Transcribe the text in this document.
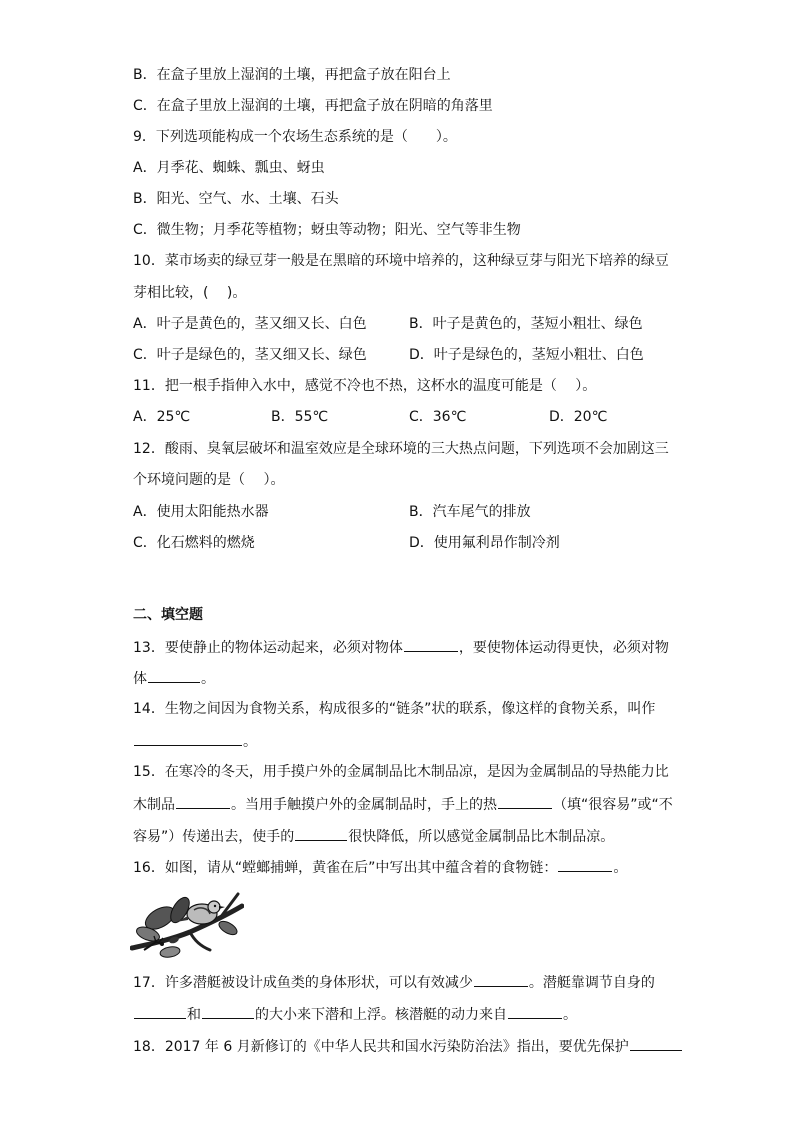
B．在盒子里放上湿润的土壤，再把盒子放在阳台上
C．在盒子里放上湿润的土壤，再把盒子放在阴暗的角落里
9．下列选项能构成一个农场生态系统的是（　　）。
A．月季花、蜘蛛、瓢虫、蚜虫
B．阳光、空气、水、土壤、石头
C．微生物；月季花等植物；蚜虫等动物；阳光、空气等非生物
10．菜市场卖的绿豆芽一般是在黑暗的环境中培养的，这种绿豆芽与阳光下培养的绿豆
芽相比较，(　 )。
A．叶子是黄色的，茎又细又长、白色	B．叶子是黄色的，茎短小粗壮、绿色
C．叶子是绿色的，茎又细又长、绿色	D．叶子是绿色的，茎短小粗壮、白色
11．把一根手指伸入水中，感觉不冷也不热，这杯水的温度可能是（　 ）。
A．25℃	B．55℃	C．36℃	D．20℃
12．酸雨、臭氧层破坏和温室效应是全球环境的三大热点问题，下列选项不会加剧这三
个环境问题的是（　 ）。
A．使用太阳能热水器	B．汽车尾气的排放
C．化石燃料的燃烧	D．使用氟利昂作制冷剂
二、填空题
13．要使静止的物体运动起来，必须对物体	，要使物体运动得更快，必须对物
体	。
14．生物之间因为食物关系，构成很多的“链条”状的联系，像这样的食物关系，叫作
。
15．在寒冷的冬天，用手摸户外的金属制品比木制品凉，是因为金属制品的导热能力比
木制品	。当用手触摸户外的金属制品时，手上的热	（填“很容易”或“不
容易”）传递出去，使手的	很快降低，所以感觉金属制品比木制品凉。
16．如图，请从“螳螂捕蝉，黄雀在后”中写出其中蕴含着的食物链：	。
17．许多潜艇被设计成鱼类的身体形状，可以有效减少	。潜艇靠调节自身的
和	的大小来下潜和上浮。核潜艇的动力来自	。
18．2017 年 6 月新修订的《中华人民共和国水污染防治法》指出，要优先保护
